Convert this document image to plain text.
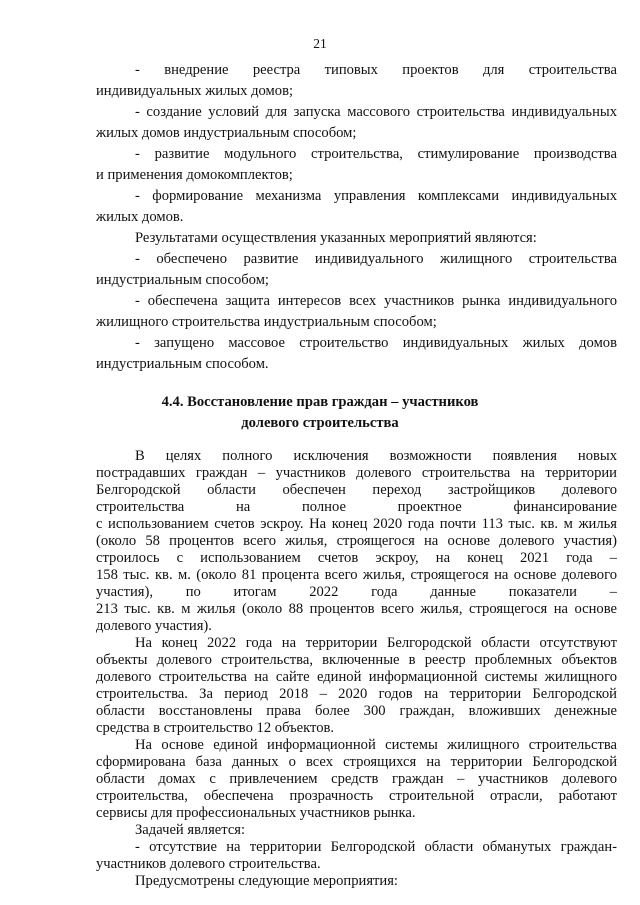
21
- внедрение реестра типовых проектов для строительства
индивидуальных жилых домов;
- создание условий для запуска массового строительства индивидуальных
жилых домов индустриальным способом;
- развитие модульного строительства, стимулирование производства
и применения домокомплектов;
- формирование механизма управления комплексами индивидуальных
жилых домов.
Результатами осуществления указанных мероприятий являются:
- обеспечено развитие индивидуального жилищного строительства
индустриальным способом;
- обеспечена защита интересов всех участников рынка индивидуального
жилищного строительства индустриальным способом;
- запущено массовое строительство индивидуальных жилых домов
индустриальным способом.
4.4. Восстановление прав граждан – участников
долевого строительства
В целях полного исключения возможности появления новых
пострадавших граждан – участников долевого строительства на территории
Белгородской области обеспечен переход застройщиков долевого
строительства на полное проектное финансирование
с использованием счетов эскроу. На конец 2020 года почти 113 тыс. кв. м жилья
(около 58 процентов всего жилья, строящегося на основе долевого участия)
строилось с использованием счетов эскроу, на конец 2021 года –
158 тыс. кв. м. (около 81 процента всего жилья, строящегося на основе долевого
участия), по итогам 2022 года данные показатели –
213 тыс. кв. м жилья (около 88 процентов всего жилья, строящегося на основе
долевого участия).
На конец 2022 года на территории Белгородской области отсутствуют
объекты долевого строительства, включенные в реестр проблемных объектов
долевого строительства на сайте единой информационной системы жилищного
строительства. За период 2018 – 2020 годов на территории Белгородской
области восстановлены права более 300 граждан, вложивших денежные
средства в строительство 12 объектов.
На основе единой информационной системы жилищного строительства
сформирована база данных о всех строящихся на территории Белгородской
области домах с привлечением средств граждан – участников долевого
строительства, обеспечена прозрачность строительной отрасли, работают
сервисы для профессиональных участников рынка.
Задачей является:
- отсутствие на территории Белгородской области обманутых граждан-
участников долевого строительства.
Предусмотрены следующие мероприятия:
